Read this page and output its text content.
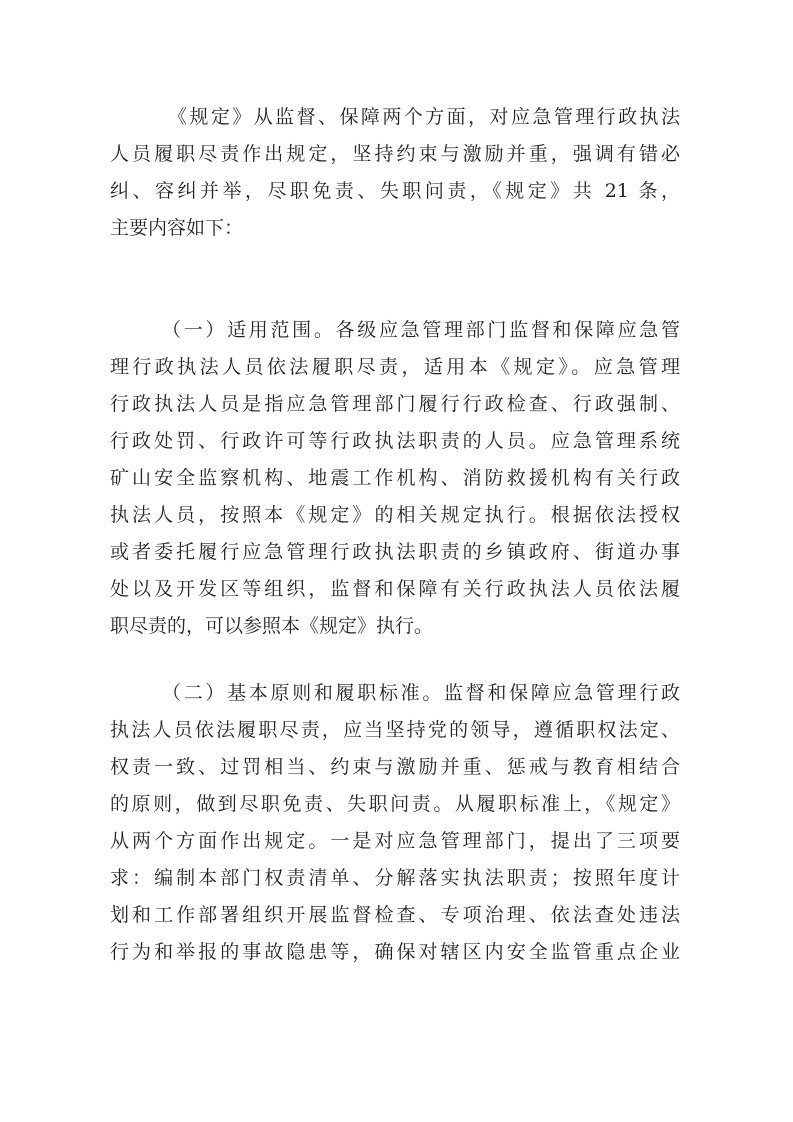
《规定》从监督、保障两个方面，对应急管理行政执法
人员履职尽责作出规定，坚持约束与激励并重，强调有错必
纠、容纠并举，尽职免责、失职问责，《规定》共 21 条，
主要内容如下：
（一）适用范围。各级应急管理部门监督和保障应急管
理行政执法人员依法履职尽责，适用本《规定》。应急管理
行政执法人员是指应急管理部门履行行政检查、行政强制、
行政处罚、行政许可等行政执法职责的人员。应急管理系统
矿山安全监察机构、地震工作机构、消防救援机构有关行政
执法人员，按照本《规定》的相关规定执行。根据依法授权
或者委托履行应急管理行政执法职责的乡镇政府、街道办事
处以及开发区等组织，监督和保障有关行政执法人员依法履
职尽责的，可以参照本《规定》执行。
（二）基本原则和履职标准。监督和保障应急管理行政
执法人员依法履职尽责，应当坚持党的领导，遵循职权法定、
权责一致、过罚相当、约束与激励并重、惩戒与教育相结合
的原则，做到尽职免责、失职问责。从履职标准上，《规定》
从两个方面作出规定。一是对应急管理部门，提出了三项要
求：编制本部门权责清单、分解落实执法职责；按照年度计
划和工作部署组织开展监督检查、专项治理、依法查处违法
行为和举报的事故隐患等，确保对辖区内安全监管重点企业
